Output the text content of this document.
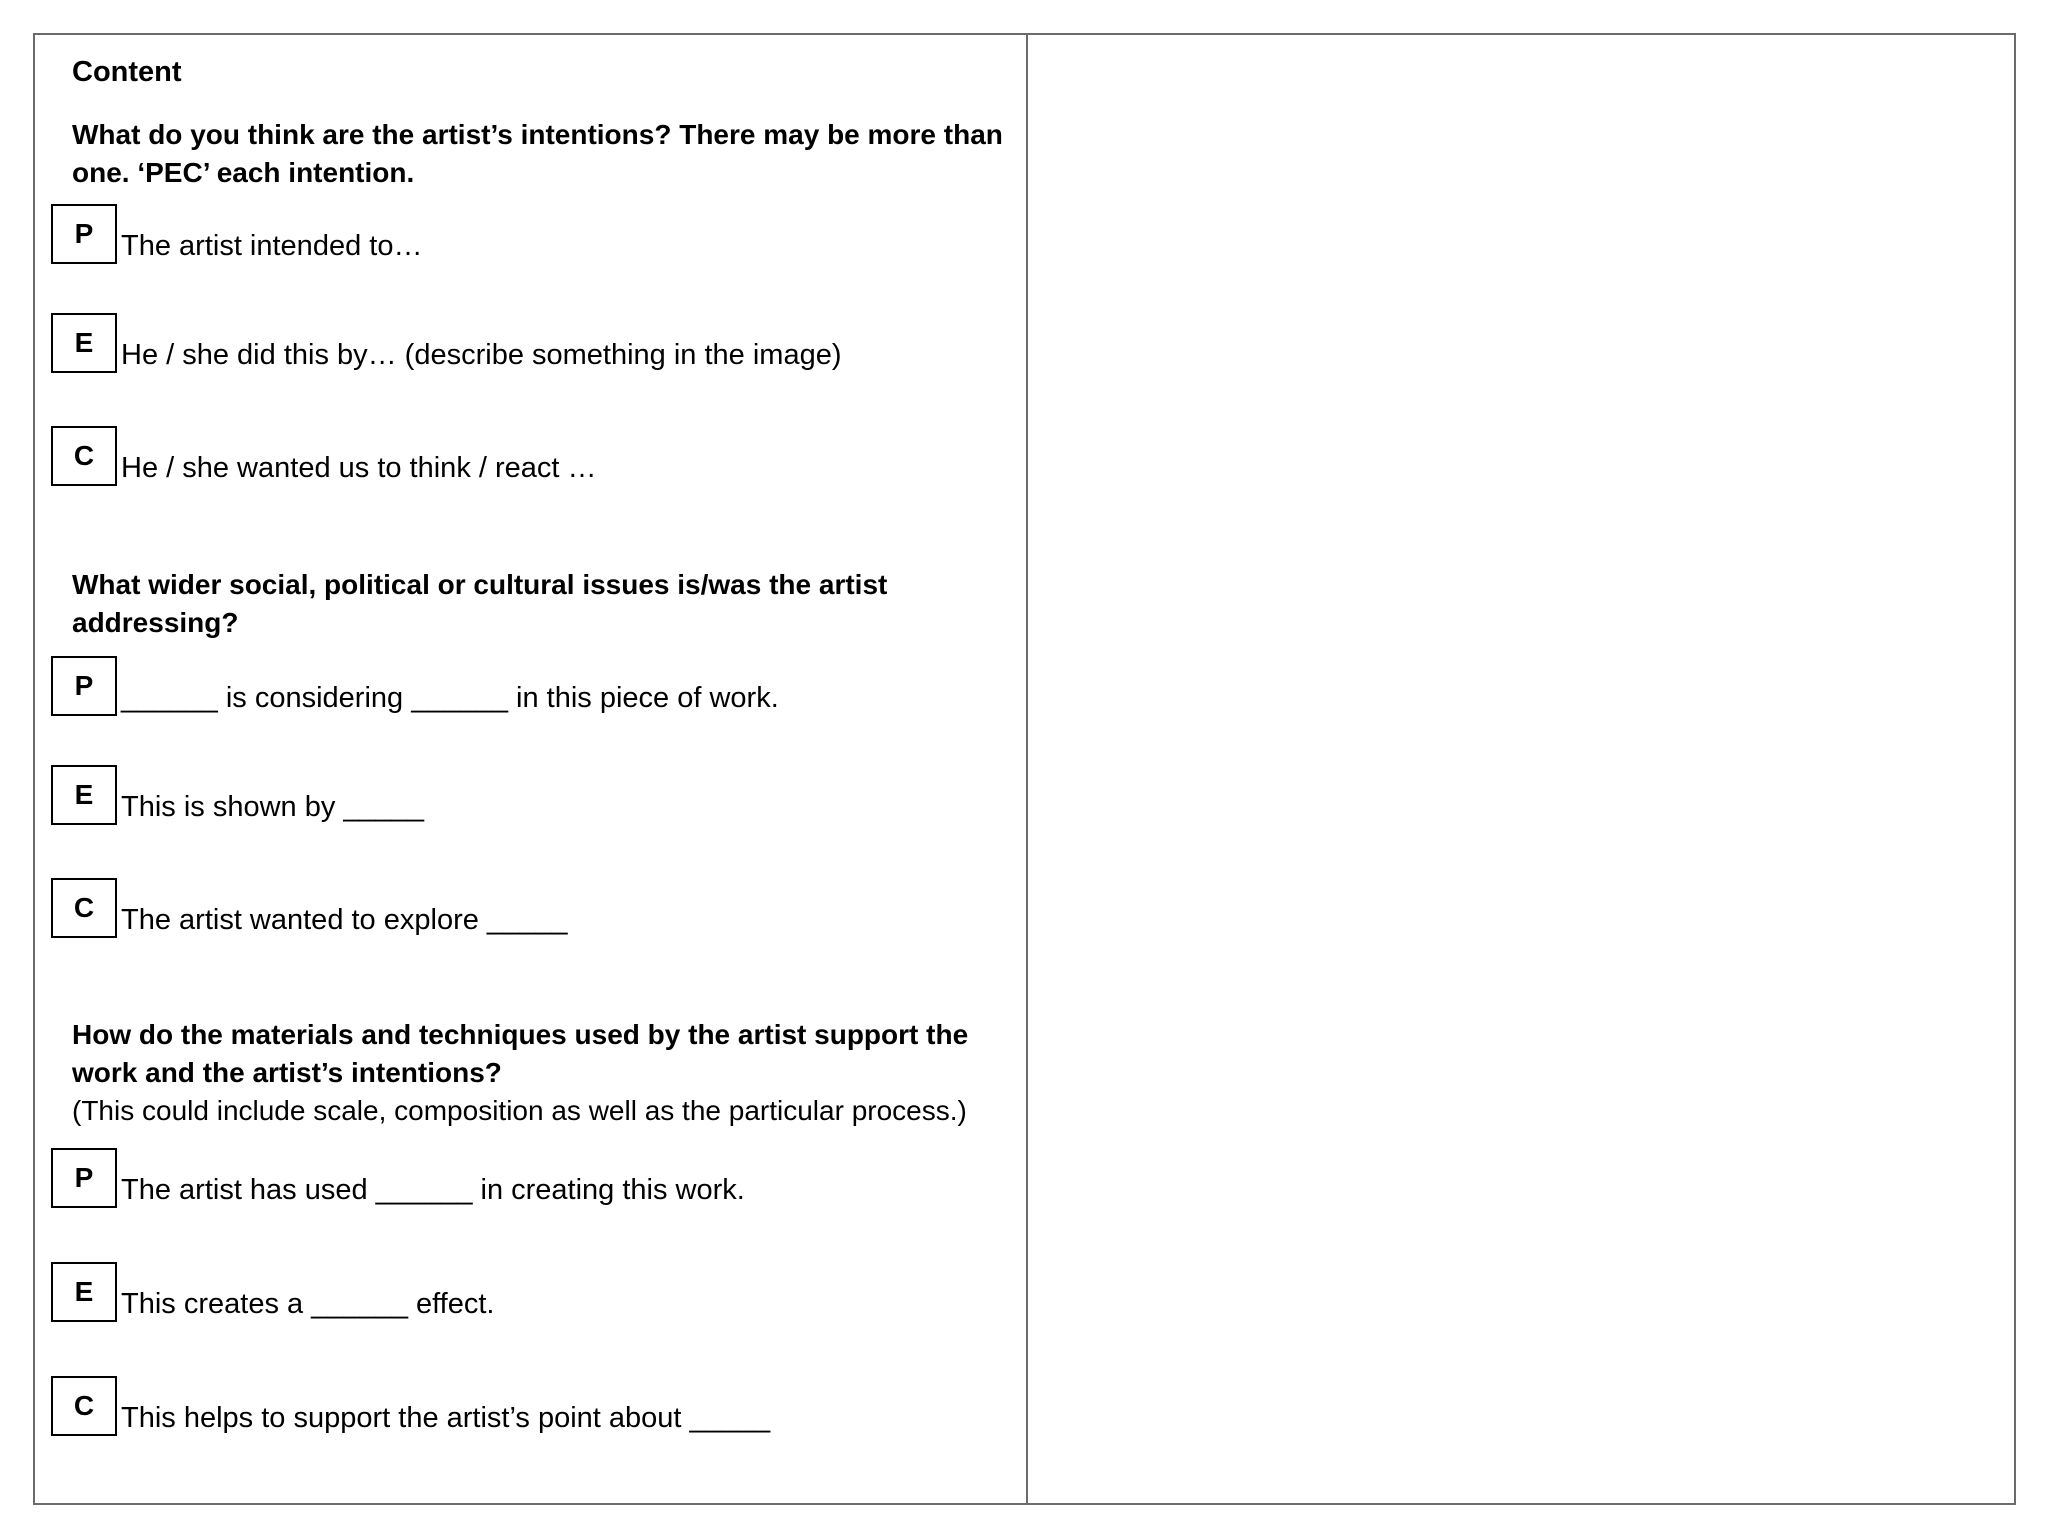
Content
What do you think are the artist’s intentions? There may be more than one. ‘PEC’ each intention.
P The artist intended to…
E He / she did this by… (describe something in the image)
C He / she wanted us to think / react …
What wider social, political or cultural issues is/was the artist addressing?
P ______ is considering ______ in this piece of work.
E This is shown by _____
C The artist wanted to explore _____
How do the materials and techniques used by the artist support the work and the artist’s intentions?
(This could include scale, composition as well as the particular process.)
P The artist has used ______ in creating this work.
E This creates a ______ effect.
C This helps to support the artist’s point about _____
